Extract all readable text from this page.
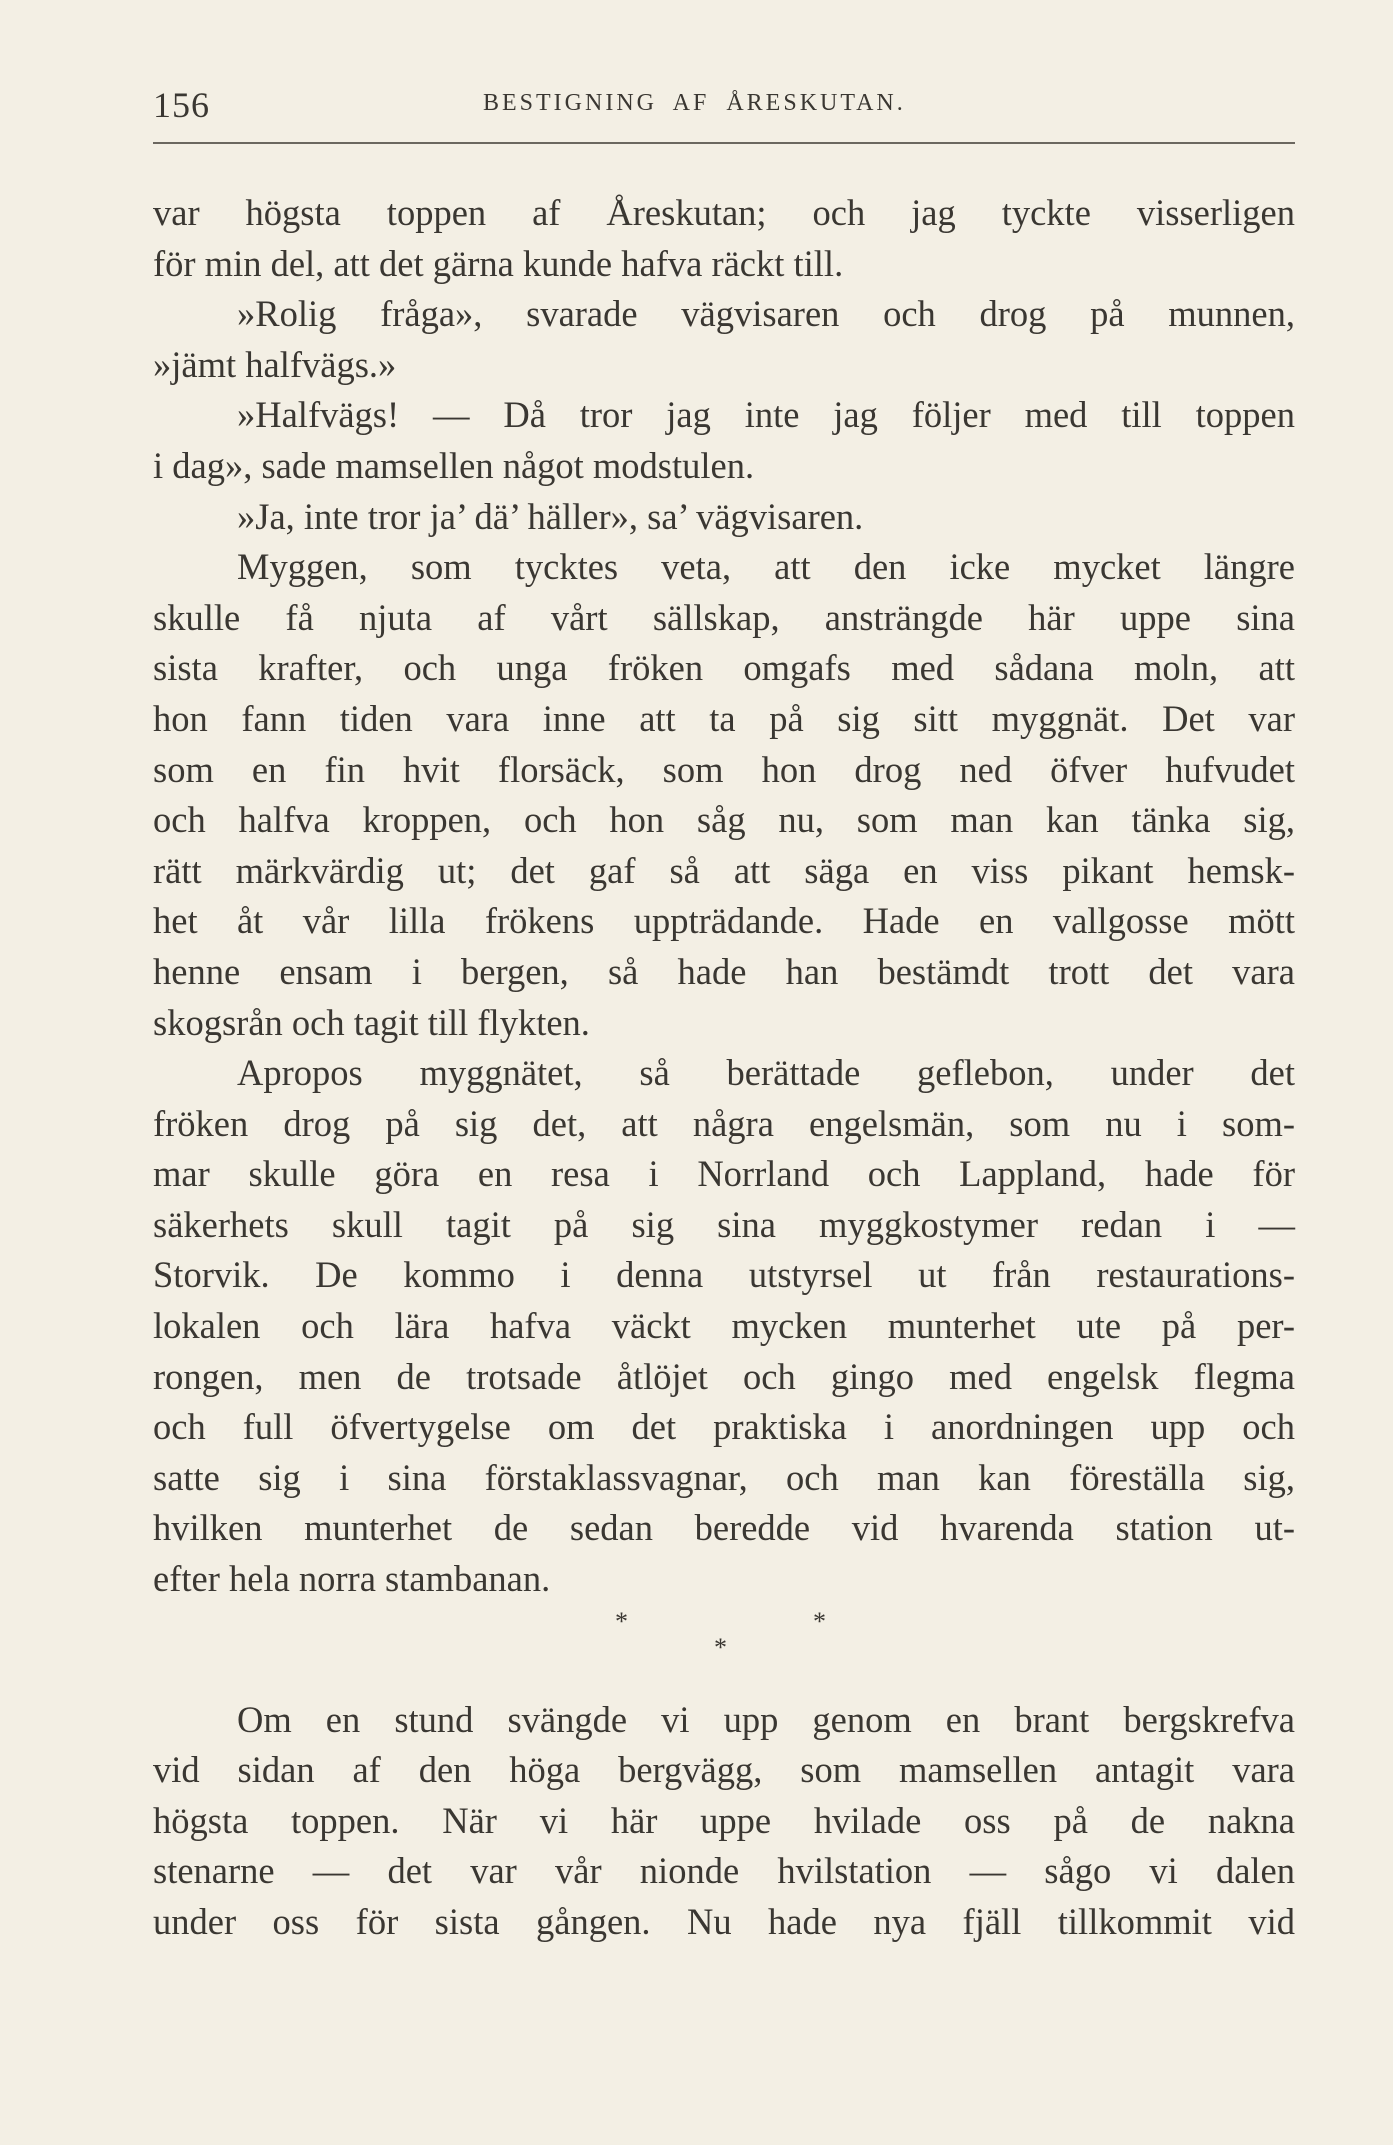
156	BESTIGNING AF ÅRESKUTAN.
var högsta toppen af Åreskutan; och jag tyckte visserligen
för min del, att det gärna kunde hafva räckt till.
»Rolig fråga», svarade vägvisaren och drog på munnen,
»jämt halfvägs.»
»Halfvägs! — Då tror jag inte jag följer med till toppen
i dag», sade mamsellen något modstulen.
»Ja, inte tror ja’ dä’ häller», sa’ vägvisaren.
Myggen, som tycktes veta, att den icke mycket längre
skulle få njuta af vårt sällskap, ansträngde här uppe sina
sista krafter, och unga fröken omgafs med sådana moln, att
hon fann tiden vara inne att ta på sig sitt myggnät. Det var
som en fin hvit florsäck, som hon drog ned öfver hufvudet
och halfva kroppen, och hon såg nu, som man kan tänka sig,
rätt märkvärdig ut; det gaf så att säga en viss pikant hemsk-
het åt vår lilla frökens uppträdande. Hade en vallgosse mött
henne ensam i bergen, så hade han bestämdt trott det vara
skogsrån och tagit till flykten.
Apropos myggnätet, så berättade geflebon, under det
fröken drog på sig det, att några engelsmän, som nu i som-
mar skulle göra en resa i Norrland och Lappland, hade för
säkerhets skull tagit på sig sina myggkostymer redan i —
Storvik. De kommo i denna utstyrsel ut från restaurations-
lokalen och lära hafva väckt mycken munterhet ute på per-
rongen, men de trotsade åtlöjet och gingo med engelsk flegma
och full öfvertygelse om det praktiska i anordningen upp och
satte sig i sina förstaklassvagnar, och man kan föreställa sig,
hvilken munterhet de sedan beredde vid hvarenda station ut-
efter hela norra stambanan.
*	*
*
Om en stund svängde vi upp genom en brant bergskrefva
vid sidan af den höga bergvägg, som mamsellen antagit vara
högsta toppen. När vi här uppe hvilade oss på de nakna
stenarne — det var vår nionde hvilstation — sågo vi dalen
under oss för sista gången. Nu hade nya fjäll tillkommit vid
